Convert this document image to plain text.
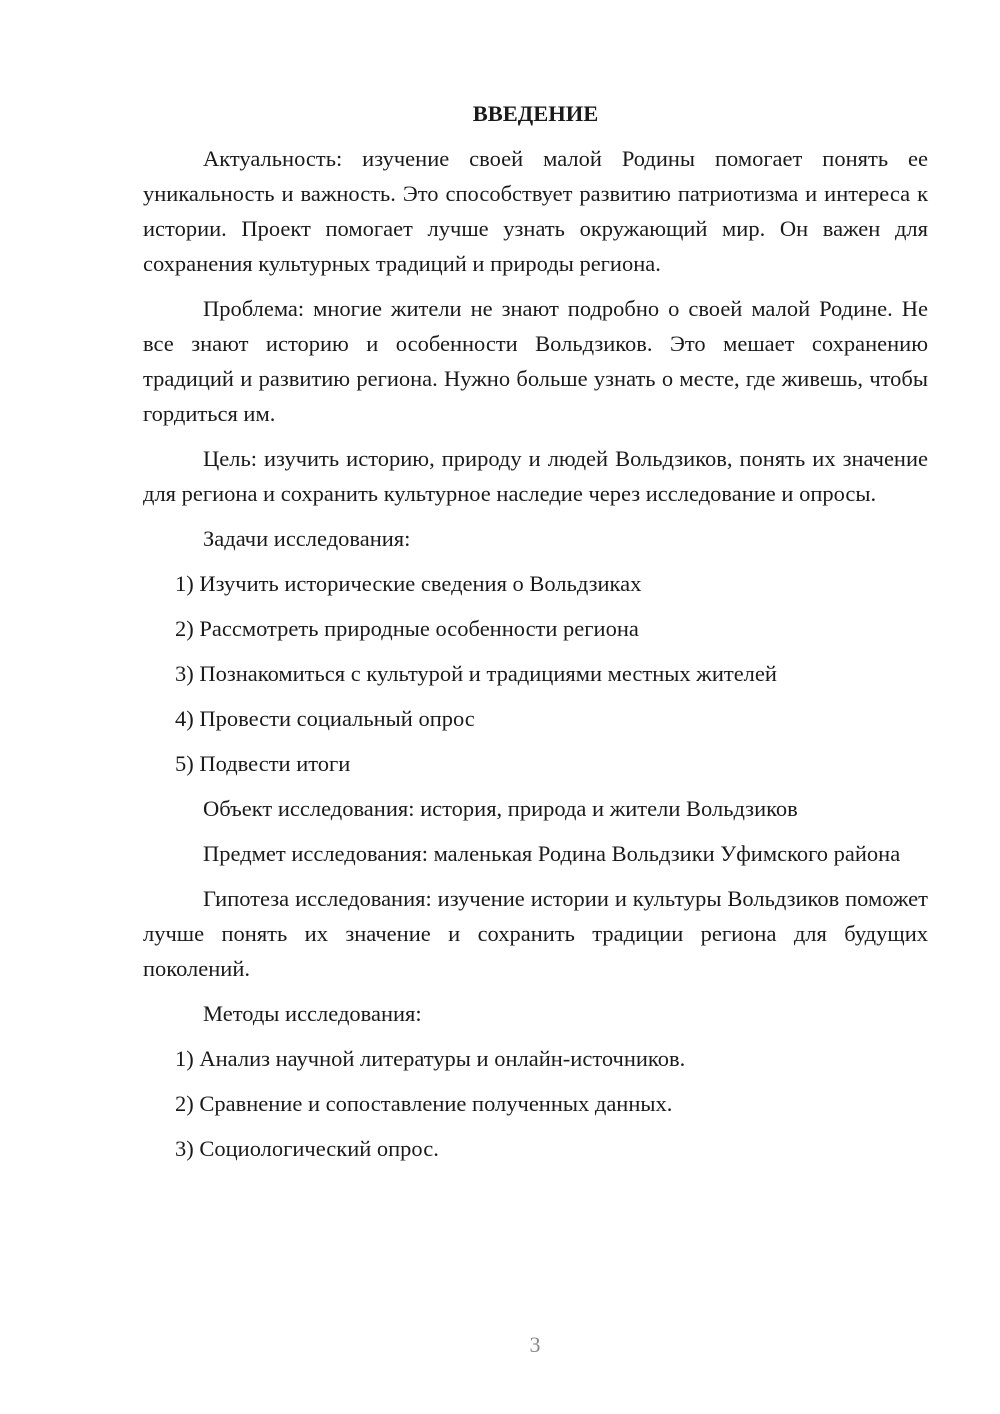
ВВЕДЕНИЕ

Актуальность: изучение своей малой Родины помогает понять ее уникальность и важность. Это способствует развитию патриотизма и интереса к истории. Проект помогает лучше узнать окружающий мир. Он важен для сохранения культурных традиций и природы региона.

Проблема: многие жители не знают подробно о своей малой Родине. Не все знают историю и особенности Вольдзиков. Это мешает сохранению традиций и развитию региона. Нужно больше узнать о месте, где живешь, чтобы гордиться им.

Цель: изучить историю, природу и людей Вольдзиков, понять их значение для региона и сохранить культурное наследие через исследование и опросы.

Задачи исследования:

1) Изучить исторические сведения о Вольдзиках
2) Рассмотреть природные особенности региона
3) Познакомиться с культурой и традициями местных жителей
4) Провести социальный опрос
5) Подвести итоги

Объект исследования: история, природа и жители Вольдзиков

Предмет исследования: маленькая Родина Вольдзики Уфимского района

Гипотеза исследования: изучение истории и культуры Вольдзиков поможет лучше понять их значение и сохранить традиции региона для будущих поколений.

Методы исследования:

1) Анализ научной литературы и онлайн-источников.
2) Сравнение и сопоставление полученных данных.
3) Социологический опрос.
3
